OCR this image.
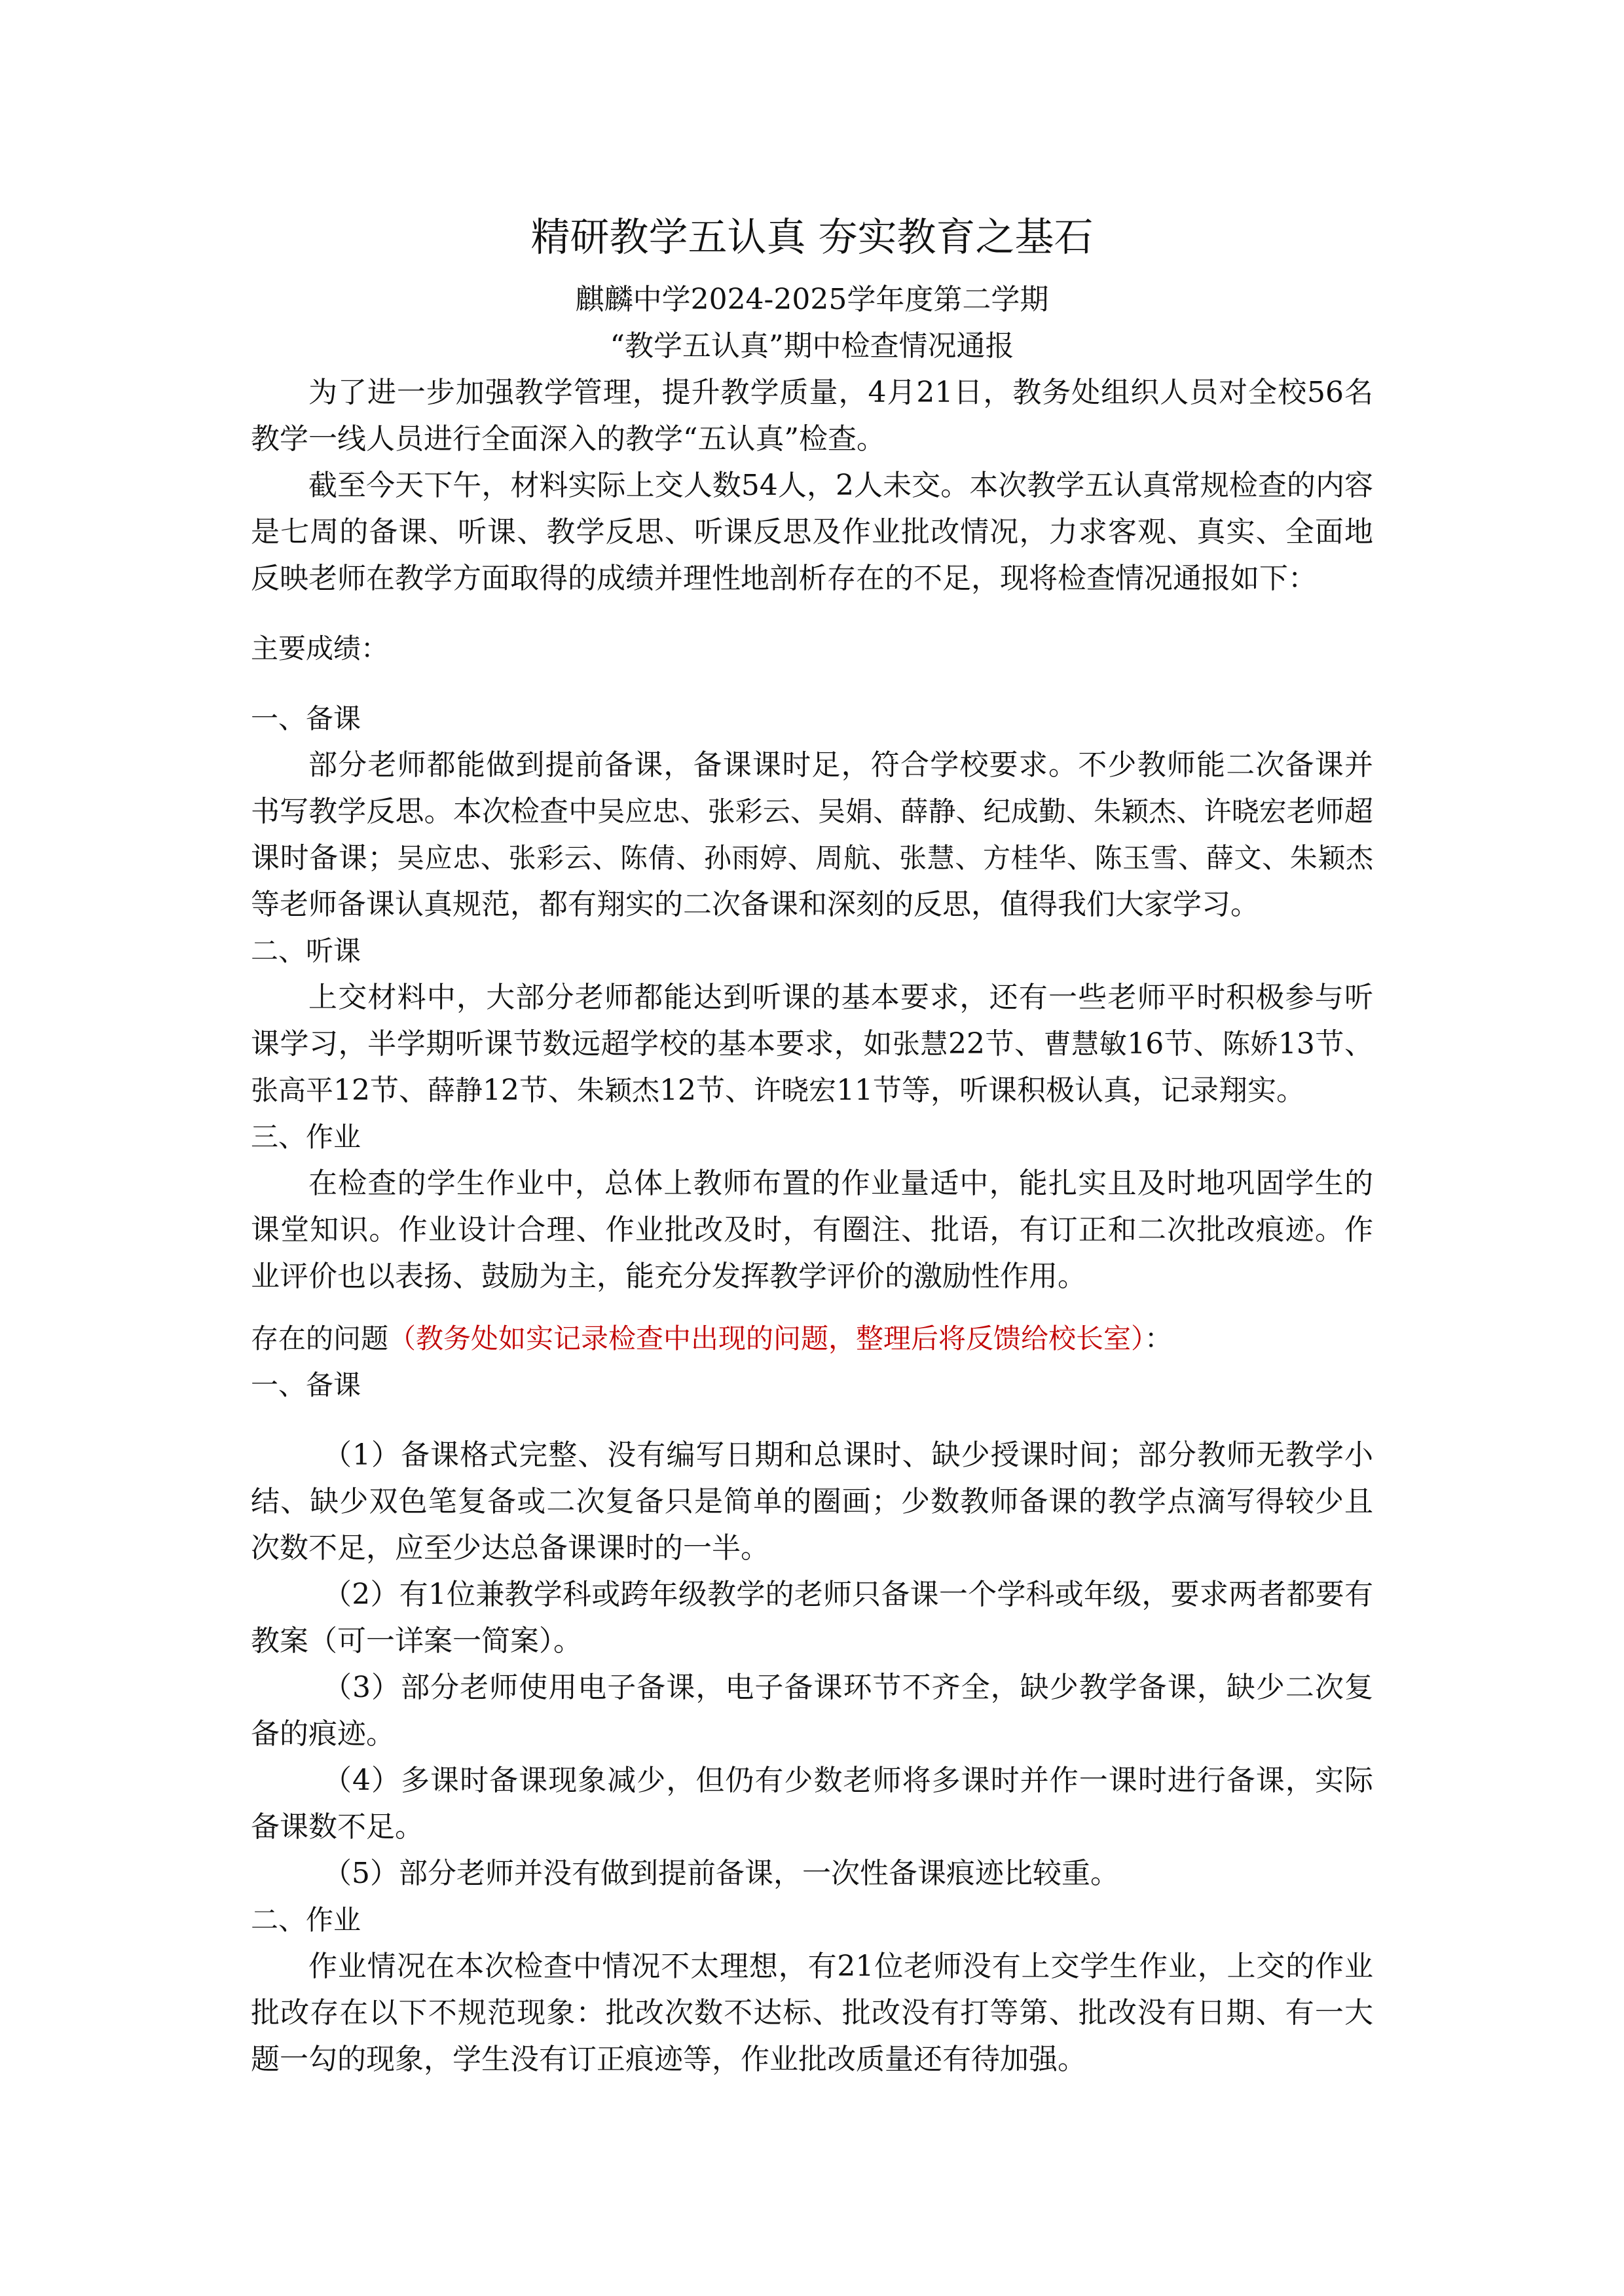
精研教学五认真 夯实教育之基石

麒麟中学2024-2025学年度第二学期

“教学五认真”期中检查情况通报

为了进一步加强教学管理，提升教学质量，4月21日，教务处组织人员对全校56名教学一线人员进行全面深入的教学“五认真”检查。

截至今天下午，材料实际上交人数54人，2人未交。本次教学五认真常规检查的内容是七周的备课、听课、教学反思、听课反思及作业批改情况，力求客观、真实、全面地反映老师在教学方面取得的成绩并理性地剖析存在的不足，现将检查情况通报如下：

主要成绩：

一、备课

部分老师都能做到提前备课，备课课时足，符合学校要求。不少教师能二次备课并书写教学反思。本次检查中吴应忠、张彩云、吴娟、薛静、纪成勤、朱颖杰、许晓宏老师超课时备课；吴应忠、张彩云、陈倩、孙雨婷、周航、张慧、方桂华、陈玉雪、薛文、朱颖杰等老师备课认真规范，都有翔实的二次备课和深刻的反思，值得我们大家学习。

二、听课

上交材料中，大部分老师都能达到听课的基本要求，还有一些老师平时积极参与听课学习，半学期听课节数远超学校的基本要求，如张慧22节、曹慧敏16节、陈娇13节、张高平12节、薛静12节、朱颖杰12节、许晓宏11节等，听课积极认真，记录翔实。

三、作业

在检查的学生作业中，总体上教师布置的作业量适中，能扎实且及时地巩固学生的课堂知识。作业设计合理、作业批改及时，有圈注、批语，有订正和二次批改痕迹。作业评价也以表扬、鼓励为主，能充分发挥教学评价的激励性作用。

存在的问题（教务处如实记录检查中出现的问题，整理后将反馈给校长室）：

一、备课

（1）备课格式完整、没有编写日期和总课时、缺少授课时间；部分教师无教学小结、缺少双色笔复备或二次复备只是简单的圈画；少数教师备课的教学点滴写得较少且次数不足，应至少达总备课课时的一半。

（2）有1位兼教学科或跨年级教学的老师只备课一个学科或年级，要求两者都要有教案（可一详案一简案）。

（3）部分老师使用电子备课，电子备课环节不齐全，缺少教学备课，缺少二次复备的痕迹。

（4）多课时备课现象减少，但仍有少数老师将多课时并作一课时进行备课，实际备课数不足。

（5）部分老师并没有做到提前备课，一次性备课痕迹比较重。

二、作业

作业情况在本次检查中情况不太理想，有21位老师没有上交学生作业，上交的作业批改存在以下不规范现象：批改次数不达标、批改没有打等第、批改没有日期、有一大题一勾的现象，学生没有订正痕迹等，作业批改质量还有待加强。
